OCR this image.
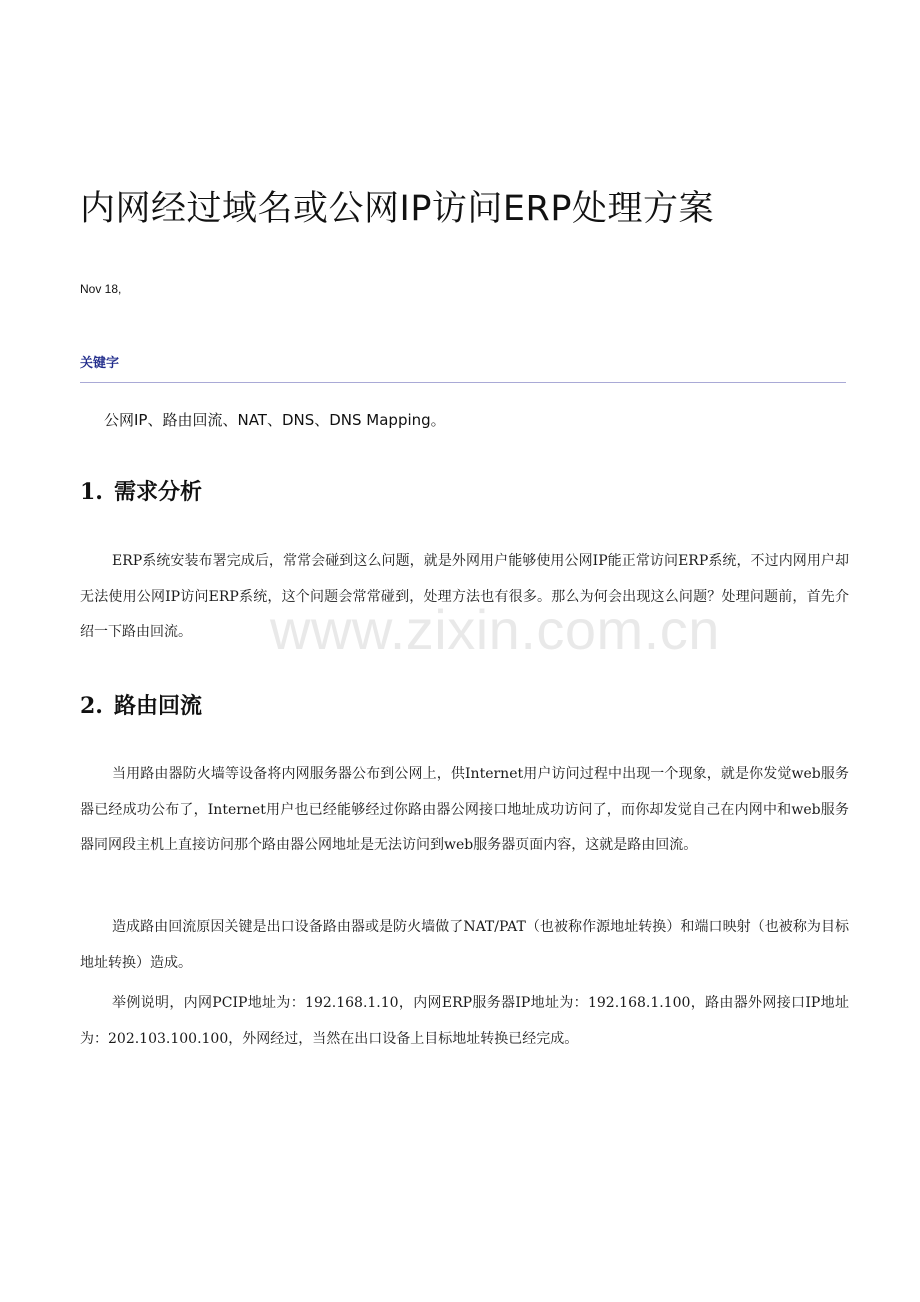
内网经过域名或公网IP访问ERP处理方案
Nov 18,
关键字
公网IP、路由回流、NAT、DNS、DNS Mapping。
1. 需求分析
ERP系统安装布署完成后，常常会碰到这么问题，就是外网用户能够使用公网IP能正常访问ERP系统，不过内网用户却无法使用公网IP访问ERP系统，这个问题会常常碰到，处理方法也有很多。那么为何会出现这么问题？处理问题前，首先介绍一下路由回流。
2. 路由回流
当用路由器防火墙等设备将内网服务器公布到公网上，供Internet用户访问过程中出现一个现象，就是你发觉web服务器已经成功公布了，Internet用户也已经能够经过你路由器公网接口地址成功访问了，而你却发觉自己在内网中和web服务器同网段主机上直接访问那个路由器公网地址是无法访问到web服务器页面内容，这就是路由回流。
造成路由回流原因关键是出口设备路由器或是防火墙做了NAT/PAT（也被称作源地址转换）和端口映射（也被称为目标地址转换）造成。
举例说明，内网PCIP地址为：192.168.1.10，内网ERP服务器IP地址为：192.168.1.100，路由器外网接口IP地址为：202.103.100.100，外网经过，当然在出口设备上目标地址转换已经完成。
www.zixin.com.cn
